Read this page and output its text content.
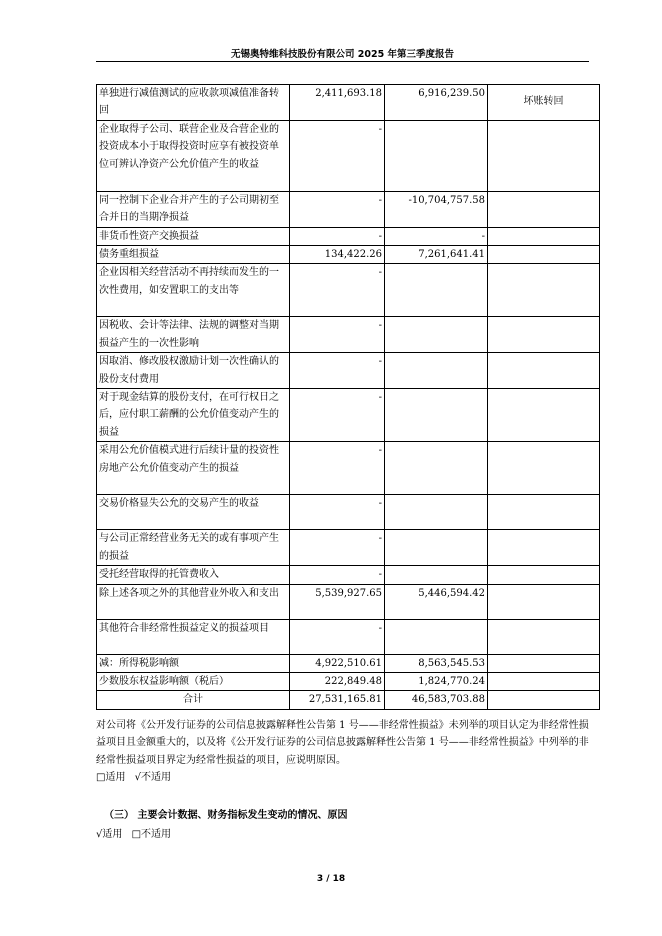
无锡奥特维科技股份有限公司 2025 年第三季度报告
单独进行减值测试的应收款项减值准备转回	2,411,693.18	6,916,239.50	坏账转回
企业取得子公司、联营企业及合营企业的投资成本小于取得投资时应享有被投资单位可辨认净资产公允价值产生的收益	-		
同一控制下企业合并产生的子公司期初至合并日的当期净损益	-	-10,704,757.58	
非货币性资产交换损益	-	-	
债务重组损益	134,422.26	7,261,641.41	
企业因相关经营活动不再持续而发生的一次性费用，如安置职工的支出等	-		
因税收、会计等法律、法规的调整对当期损益产生的一次性影响	-		
因取消、修改股权激励计划一次性确认的股份支付费用	-		
对于现金结算的股份支付，在可行权日之后，应付职工薪酬的公允价值变动产生的损益	-		
采用公允价值模式进行后续计量的投资性房地产公允价值变动产生的损益	-		
交易价格显失公允的交易产生的收益	-		
与公司正常经营业务无关的或有事项产生的损益	-		
受托经营取得的托管费收入	-		
除上述各项之外的其他营业外收入和支出	5,539,927.65	5,446,594.42	
其他符合非经常性损益定义的损益项目	-		
减：所得税影响额	4,922,510.61	8,563,545.53	
少数股东权益影响额（税后）	222,849.48	1,824,770.24	
合计	27,531,165.81	46,583,703.88	

对公司将《公开发行证券的公司信息披露解释性公告第 1 号——非经常性损益》未列举的项目认定为非经常性损益项目且金额重大的，以及将《公开发行证券的公司信息披露解释性公告第 1 号——非经常性损益》中列举的非经常性损益项目界定为经常性损益的项目，应说明原因。

□适用 √不适用

（三） 主要会计数据、财务指标发生变动的情况、原因
√适用 □不适用
3 / 18
